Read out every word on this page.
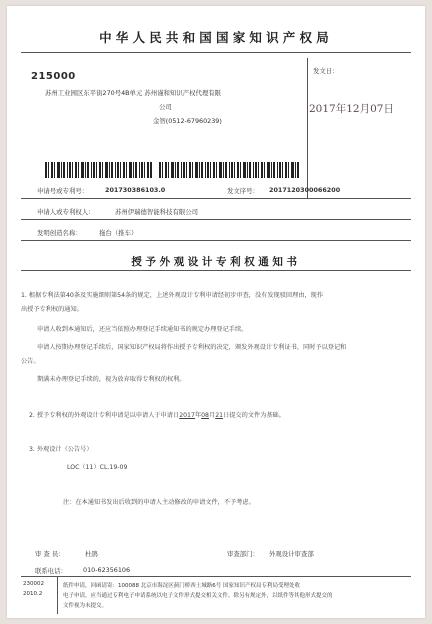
中华人民共和国国家知识产权局
215000
苏州工业园区东平街270号4B单元 苏州谨和知识产权代理有限
公司
金智(0512-67960239)
发文日：
2017年12月07日
申请号或专利号：	201730386103.0	发文序号： 2017120300066200
申请人或专利权人：	苏州伊瑞德智能科技有限公司
发明创造名称：	拖台（推车）
授予外观设计专利权通知书
1. 根据专利法第40条及实施细则第54条的规定，上述外观设计专利申请经初步审查，没有发现驳回理由，现作
出授予专利权的通知。
申请人收到本通知后，还应当依照办理登记手续通知书的规定办理登记手续。
申请人按期办理登记手续后，国家知识产权局将作出授予专利权的决定，颁发外观设计专利证书，同时予以登记和
公告。
期满未办理登记手续的，视为放弃取得专利权的权利。
2. 授予专利权的外观设计专利申请是以申请人于申请日2017年08月21日提交的文件为基础。
3. 外观设计（公告号）
LOC（11）CL.19-09
注：在本通知书发出后收到的申请人主动修改的申请文件，不予考虑。
审 查 员：	杜鹃	审查部门： 外观设计审查部
联系电话：	010-62356106
230002
2010.2
纸件申请，回函请寄：100088 北京市海淀区蓟门桥西土城路6号 国家知识产权局专利局受理处收
电子申请，应当通过专利电子申请系统以电子文件形式提交相关文件。除另有规定外，以纸件等其他形式提交的
文件视为未提交。
